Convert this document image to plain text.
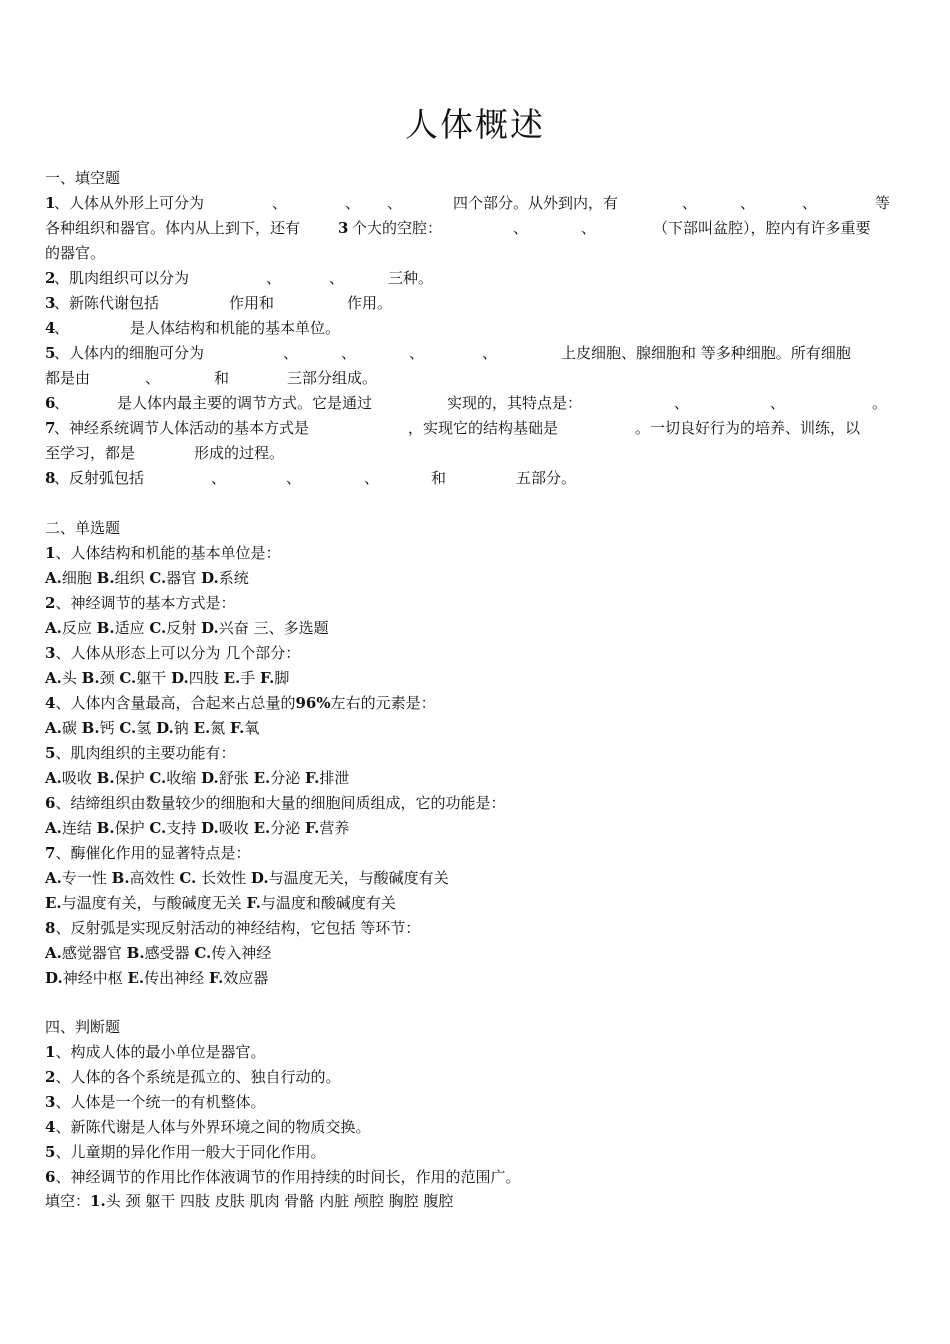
人体概述
一、填空题
1
、人体从外形上可分为	、	、 、	四个部分。从外到内，有	、	、	、	等
各种组织和器官。体内从上到下，还有	3 个大的空腔：	、	、	（下部叫盆腔），腔内有许多重要
的器官。
2
、肌肉组织可以分为	、	、	三种。
3
、新陈代谢包括	作用和	作用。
4
、	是人体结构和机能的基本单位。
5
、人体内的细胞可分为	、	、	、	、	上皮细胞、腺细胞和 等多种细胞。所有细胞
都是由	、	和	三部分组成。
6
、	是人体内最主要的调节方式。它是通过	实现的，其特点是：	、	、	。
7
、神经系统调节人体活动的基本方式是	，实现它的结构基础是	。一切良好行为的培养、训练，以
至学习，都是	形成的过程。
8
、反射弧包括	、	、	、	和	五部分。
二、单选题
1、人体结构和机能的基本单位是：
A.细胞 B.组织 C.器官 D.系统
2、神经调节的基本方式是：
A.反应 B.适应 C.反射 D.兴奋 三、多选题
3、人体从形态上可以分为 几个部分：
A.头 B.颈 C.躯干 D.四肢 E.手 F.脚
4、人体内含量最高，合起来占总量的96%左右的元素是：
A.碳 B.钙 C.氢 D.钠 E.氮 F.氧
5、肌肉组织的主要功能有：
A.吸收 B.保护 C.收缩 D.舒张 E.分泌 F.排泄
6、结缔组织由数量较少的细胞和大量的细胞间质组成，它的功能是：
A.连结 B.保护 C.支持 D.吸收 E.分泌 F.营养
7、酶催化作用的显著特点是：
A.专一性 B.高效性 C. 长效性 D.与温度无关，与酸碱度有关
E.与温度有关，与酸碱度无关 F.与温度和酸碱度有关
8、反射弧是实现反射活动的神经结构，它包括 等环节：
A.感觉器官 B.感受器 C.传入神经
D.神经中枢 E.传出神经 F.效应器
四、判断题
1、构成人体的最小单位是器官。
2、人体的各个系统是孤立的、独自行动的。
3、人体是一个统一的有机整体。
4、新陈代谢是人体与外界环境之间的物质交换。
5、儿童期的异化作用一般大于同化作用。
6、神经调节的作用比作体液调节的作用持续的时间长，作用的范围广。
填空：1.头 颈 躯干 四肢 皮肤 肌肉 骨骼 内脏 颅腔 胸腔 腹腔
